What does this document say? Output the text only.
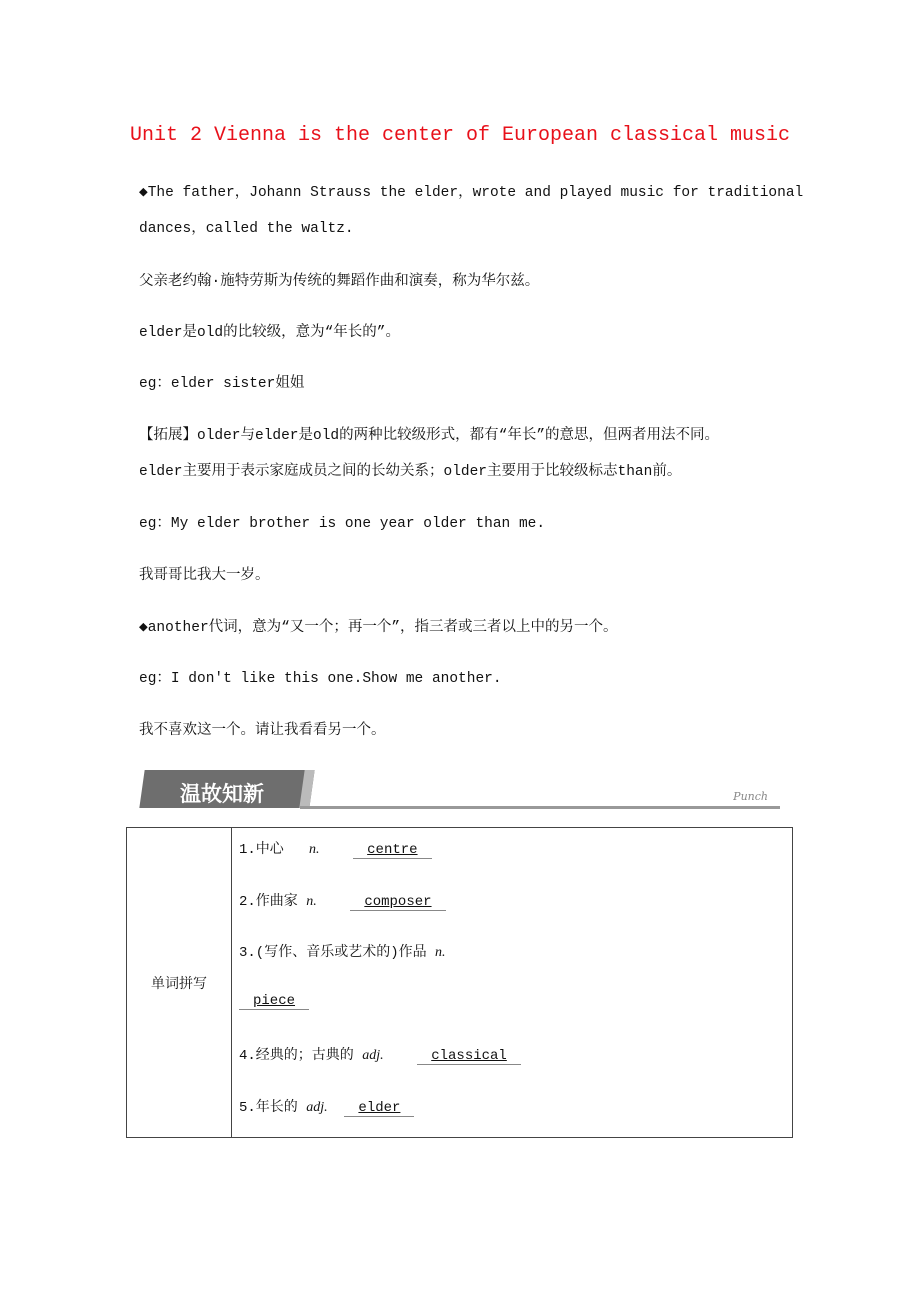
Unit 2 Vienna is the center of European classical music
◆The father，Johann Strauss the elder，wrote and played music for traditional
dances，called the waltz.
父亲老约翰·施特劳斯为传统的舞蹈作曲和演奏，称为华尔兹。
elder是old的比较级，意为“年长的”。
eg：elder sister姐姐
【拓展】older与elder是old的两种比较级形式，都有“年长”的意思，但两者用法不同。
elder主要用于表示家庭成员之间的长幼关系；older主要用于比较级标志than前。
eg：My elder brother is one year older than me.
我哥哥比我大一岁。
◆another代词，意为“又一个；再一个”，指三者或三者以上中的另一个。
eg：I don't like this one.Show me another.
我不喜欢这一个。请让我看看另一个。
温故知新	Punch
单词拼写	
1.中心 n.	centre
2.作曲家 n.	composer
3.(写作、音乐或艺术的)作品 n.
piece
4.经典的；古典的 adj.	classical
5.年长的 adj. elder
